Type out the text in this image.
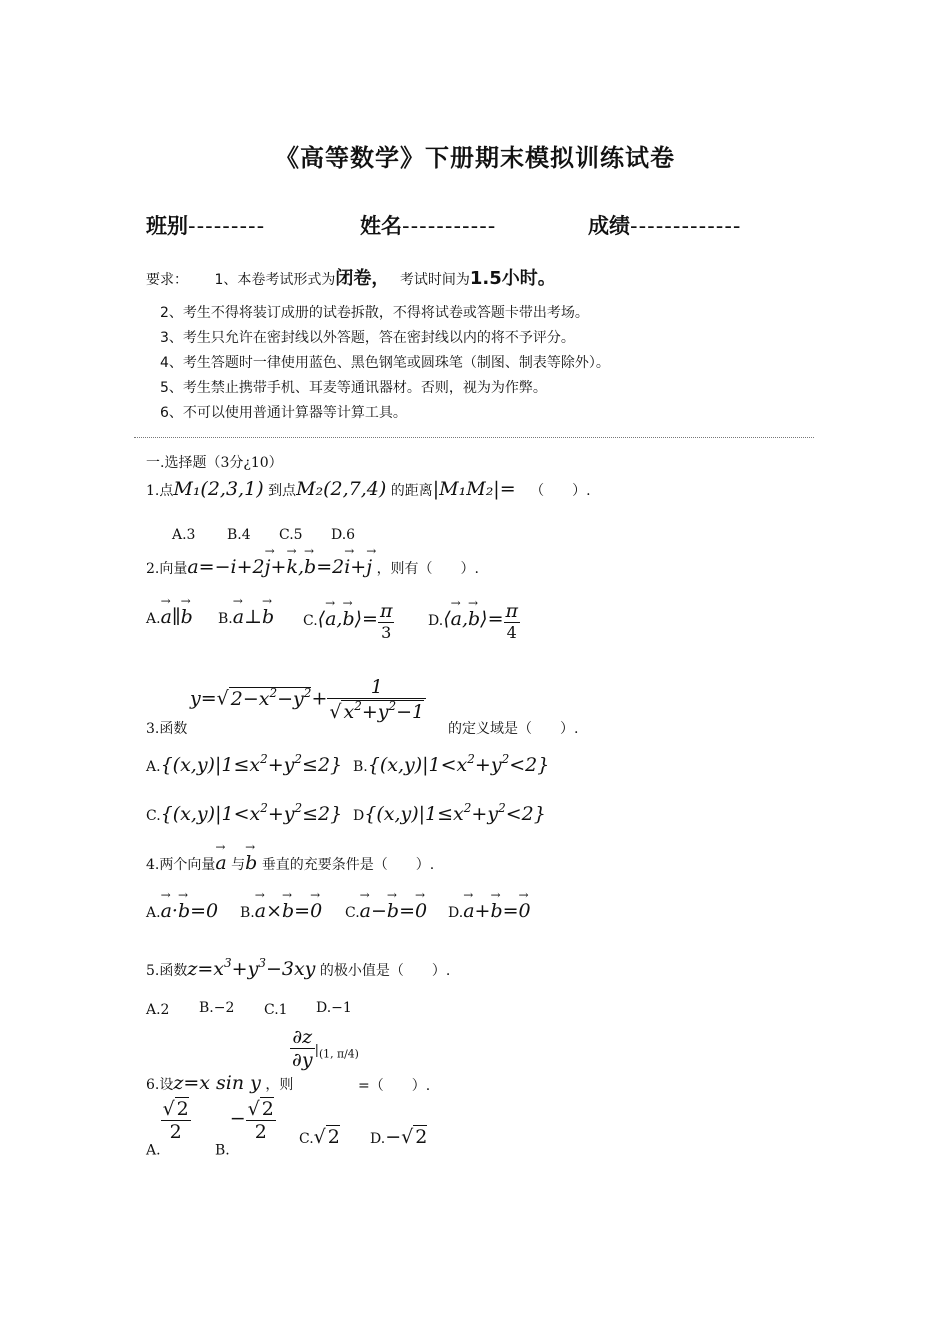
《高等数学》下册期末模拟训练试卷
班别---------	姓名-----------	成绩-------------
要求： 1、本卷考试形式为闭卷， 考试时间为1.5小时。
2、考生不得将装订成册的试卷拆散，不得将试卷或答题卡带出考场。
3、考生只允许在密封线以外答题，答在密封线以内的将不予评分。
4、考生答题时一律使用蓝色、黑色钢笔或圆珠笔（制图、制表等除外）。
5、考生禁止携带手机、耳麦等通讯器材。否则，视为为作弊。
6、不可以使用普通计算器等计算工具。
一.选择题（3分¿10）
1.点M₁(2,3,1) 到点M₂(2,7,4) 的距离|M₁M₂|= （　　）.
A.3 B.4 C.5 D.6
2.向量a=−i+2→ j+→ k,→ b=2→ i+→ j ，则有（　　）.
A.→ a∥→ b B.→ a⊥→ b C.⟨→ a,→ b⟩= $\frac{\pi}{3}$ D.⟨→ a,→ b⟩= $\frac{\pi}{4}$
3.函数
y=√ $2-x^2-y^2+ \frac{1}{√ x^2+y^2-1}$
的定义域是（　　）.
$A.\{(x,y)|1\le x^2+y^2\le 2\}$ $B.\{(x,y)|1<x^2+y^2<2\}$
$C.\{(x,y)|1<x^2+y^2\le 2\}$ $D\{(x,y)|1\le x^2+y^2<2\}$
4.两个向量→ a 与→ b 垂直的充要条件是（　　）.
A.→ a·→ b=0 B.→ a×→ b=→ 0 C.→ a−→ b=→ 0 D.→ a+→ b=→ 0
5.函数$z=x^3+y^3-3xy$ 的极小值是（　　）.
A.2 B.−2 C.1 D.−1
6.设z=x sin y ，则
$\frac{\partial z}{\partial y} |_{(1, \pi/4)}$
=（　　）.
A.
$\frac{√ 2}{2}$
$B.- \frac{√ 2}{2} C.√$ 2 D.−√ 2
